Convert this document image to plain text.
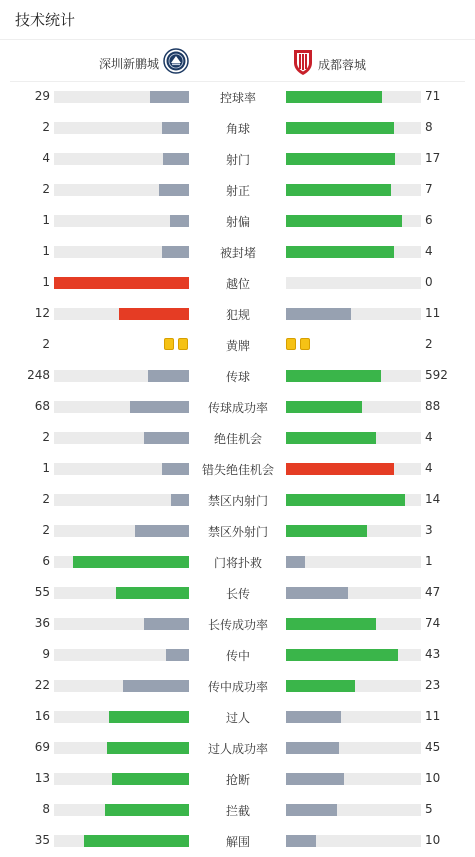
技术统计
深圳新鹏城	成都蓉城
29	控球率	71
2	角球	8
4	射门	17
2	射正	7
1	射偏	6
1	被封堵	4
1	越位	0
12	犯规	11
2	黄牌	2
248	传球	592
68	传球成功率	88
2	绝佳机会	4
1	错失绝佳机会	4
2	禁区内射门	14
2	禁区外射门	3
6	门将扑救	1
55	长传	47
36	长传成功率	74
9	传中	43
22	传中成功率	23
16	过人	11
69	过人成功率	45
13	抢断	10
8	拦截	5
35	解围	10
